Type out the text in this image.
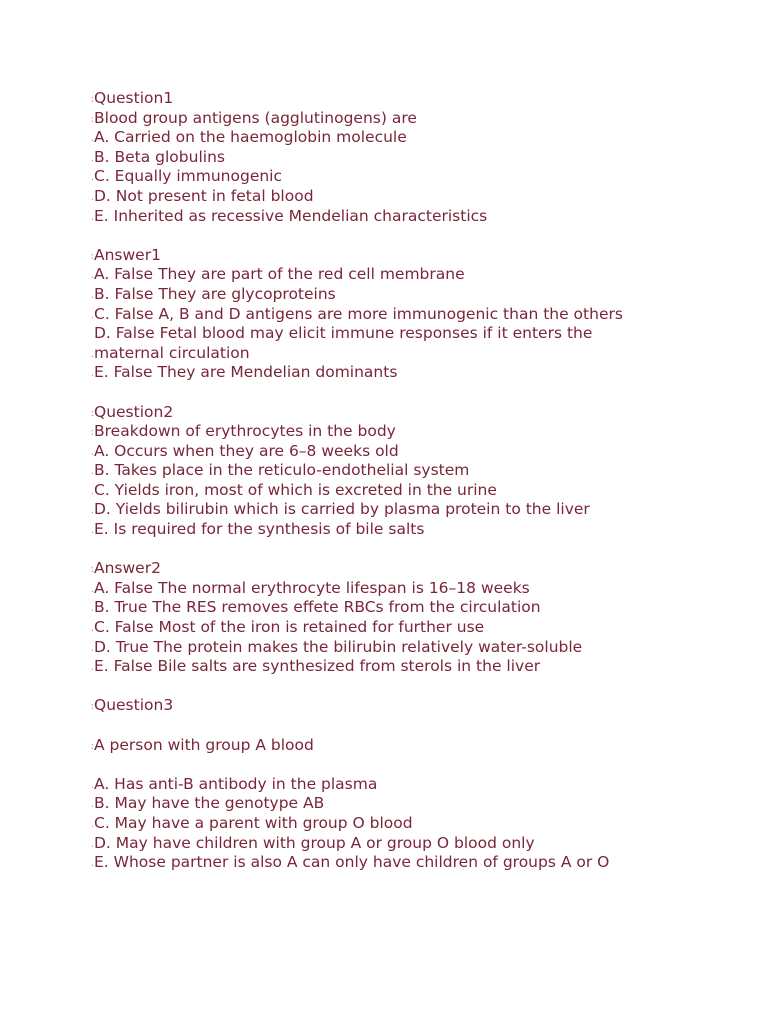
:Question1
:Blood group antigens (agglutinogens) are
.A. Carried on the haemoglobin molecule
.B. Beta globulins
.C. Equally immunogenic
.D. Not present in fetal blood
.E. Inherited as recessive Mendelian characteristics
:Answer1
.A. False They are part of the red cell membrane
.B. False They are glycoproteins
.C. False A, B and D antigens are more immunogenic than the others
D. False Fetal blood may elicit immune responses if it enters the
.maternal circulation
.E. False They are Mendelian dominants
:Question2
:Breakdown of erythrocytes in the body
.A. Occurs when they are 6–8 weeks old
.B. Takes place in the reticulo-endothelial system
.C. Yields iron, most of which is excreted in the urine
.D. Yields bilirubin which is carried by plasma protein to the liver
.E. Is required for the synthesis of bile salts
:Answer2
.A. False The normal erythrocyte lifespan is 16–18 weeks
.B. True The RES removes effete RBCs from the circulation
.C. False Most of the iron is retained for further use
.D. True The protein makes the bilirubin relatively water-soluble
.E. False Bile salts are synthesized from sterols in the liver
:Question3
:A person with group A blood
.A. Has anti-B antibody in the plasma
.B. May have the genotype AB
.C. May have a parent with group O blood
.D. May have children with group A or group O blood only
.E. Whose partner is also A can only have children of groups A or O
